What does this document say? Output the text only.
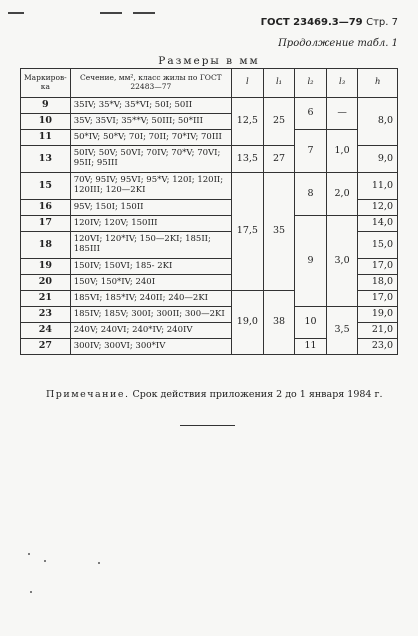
ГОСТ 23469.3—79 Стр. 7
Продолжение табл. 1
Размеры в мм
Маркиров-ка	Сечение, мм², класс жилы по ГОСТ 22483—77	l	l₁	l₂	l₃	h
9	35IV; 35*V; 35*VI; 50I; 50II	12,5	25	6	—	8,0
10	35V; 35VI; 35**V; 50III; 50*III					
11	50*IV; 50*V; 70I; 70II; 70*IV; 70III			7	1,0	
13	50IV; 50V; 50VI; 70IV; 70*V; 70VI; 95II; 95III	13,5	27			9,0
15	70V; 95IV; 95VI; 95*V; 120I; 120II; 120III; 120—2KI	17,5	35	8	2,0	11,0
16	95V; 150I; 150II					12,0
17	120IV; 120V; 150III			9	3,0	14,0
18	120VI; 120*IV; 150—2KI; 185II; 185III					15,0
19	150IV; 150VI; 185- 2KI					17,0
20	150V; 150*IV; 240I					18,0
21	185VI; 185*IV; 240II; 240—2KI	19,0	38			17,0
23	185IV; 185V; 300I; 300II; 300—2KI			10	3,5	19,0
24	240V; 240VI; 240*IV; 240IV					21,0
27	300IV; 300VI; 300*IV			11		23,0
Примечание. Срок действия приложения 2 до 1 января 1984 г.
